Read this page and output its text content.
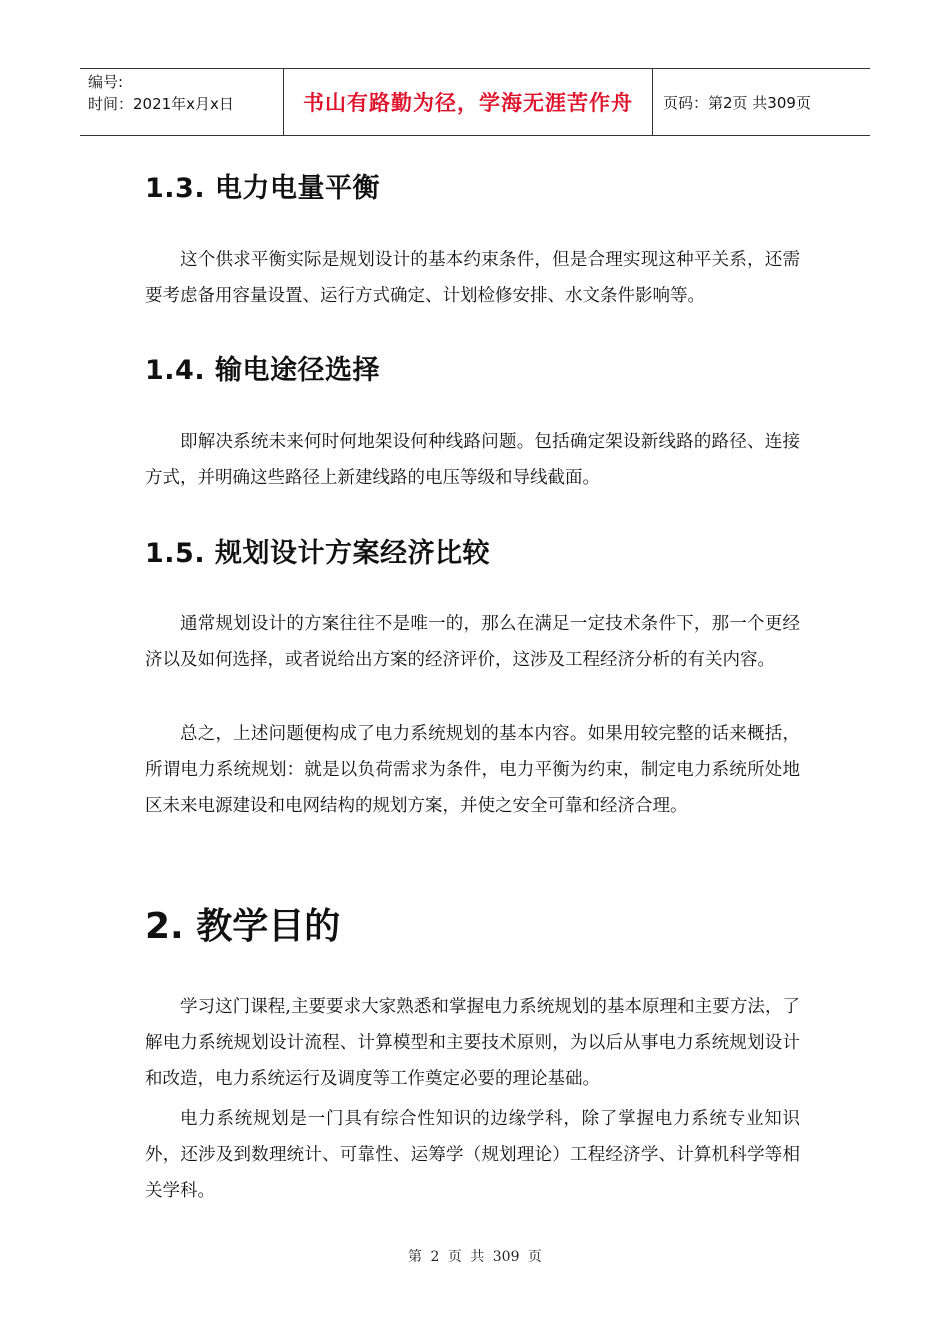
编号:
时间：2021年x月x日	书山有路勤为径，学海无涯苦作舟	页码：第2页 共309页
1.3. 电力电量平衡

这个供求平衡实际是规划设计的基本约束条件，但是合理实现这种平关系，还需要考虑备用容量设置、运行方式确定、计划检修安排、水文条件影响等。

1.4. 输电途径选择

即解决系统未来何时何地架设何种线路问题。包括确定架设新线路的路径、连接方式，并明确这些路径上新建线路的电压等级和导线截面。

1.5. 规划设计方案经济比较

通常规划设计的方案往往不是唯一的，那么在满足一定技术条件下，那一个更经济以及如何选择，或者说给出方案的经济评价，这涉及工程经济分析的有关内容。

总之，上述问题便构成了电力系统规划的基本内容。如果用较完整的话来概括，所谓电力系统规划：就是以负荷需求为条件，电力平衡为约束，制定电力系统所处地区未来电源建设和电网结构的规划方案，并使之安全可靠和经济合理。

2. 教学目的

学习这门课程,主要要求大家熟悉和掌握电力系统规划的基本原理和主要方法，了解电力系统规划设计流程、计算模型和主要技术原则，为以后从事电力系统规划设计和改造，电力系统运行及调度等工作奠定必要的理论基础。

电力系统规划是一门具有综合性知识的边缘学科，除了掌握电力系统专业知识外，还涉及到数理统计、可靠性、运筹学（规划理论）工程经济学、计算机科学等相关学科。

第 2 页 共 309 页
